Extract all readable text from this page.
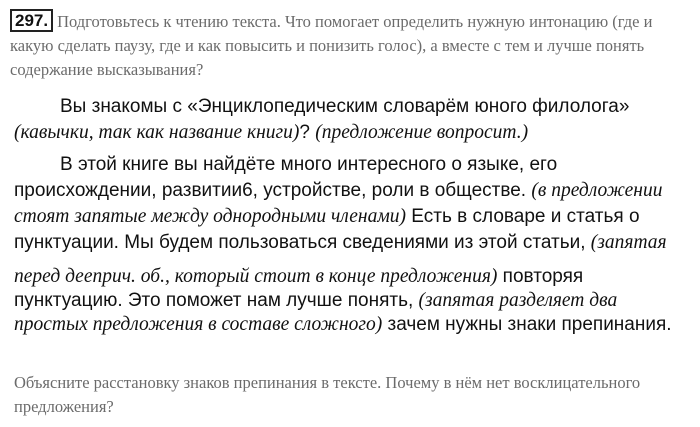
297. Подготовьтесь к чтению текста. Что помогает определить нужную интонацию (где и какую сделать паузу, где и как повысить и понизить голос), а вместе с тем и лучше понять содержание высказывания?
Вы знакомы с «Энциклопедическим словарём юного филолога»
(кавычки, так как название книги)? (предложение вопросит.)
В этой книге вы найдёте много интересного о языке, его
происхождении, развитии6, устройстве, роли в обществе. (в предложении
стоят запятые между однородными членами) Есть в словаре и статья о
пунктуации. Мы будем пользоваться сведениями из этой статьи, (запятая
перед дееприч. об., который стоит в конце предложения) повторяя
пунктуацию. Это поможет нам лучше понять, (запятая разделяет два
простых предложения в составе сложного) зачем нужны знаки препинания.
Объясните расстановку знаков препинания в тексте. Почему в нём нет восклицательного предложения?
